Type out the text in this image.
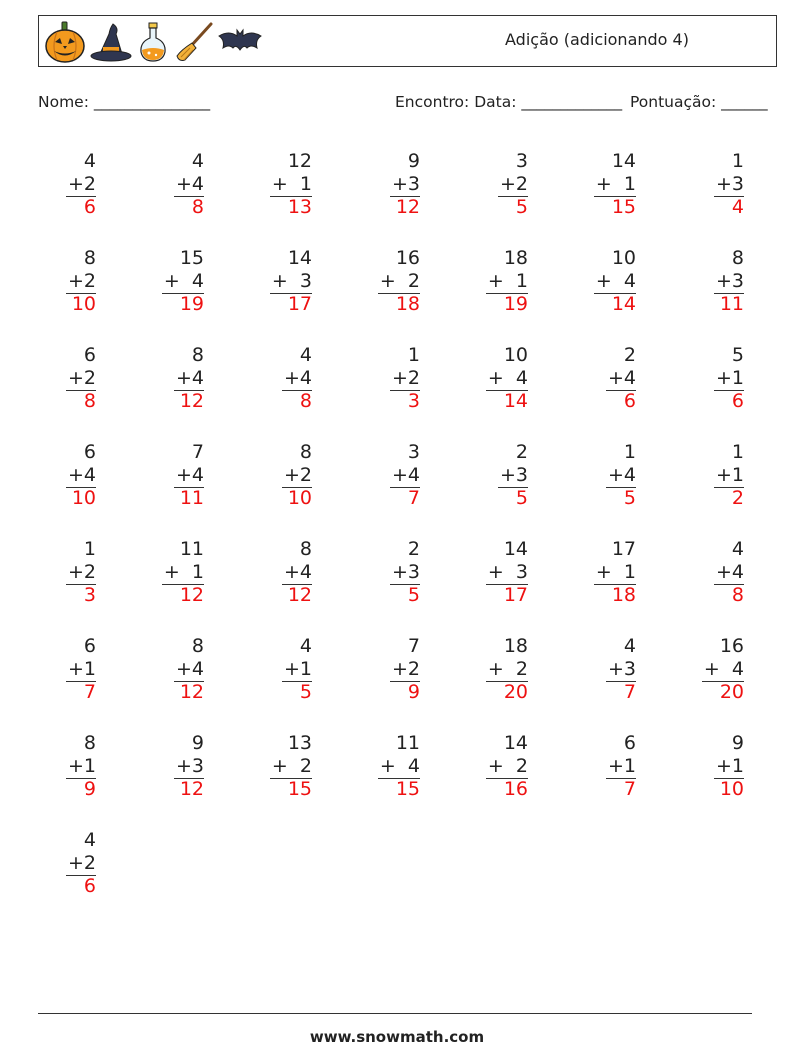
Adição (adicionando 4)
Nome: _______________	Encontro: Data: _____________ Pontuação: ______
4
+2
6
4
+4
8
12
+  1
13
9
+3
12
3
+2
5
14
+  1
15
1
+3
4
8
+2
10
15
+  4
19
14
+  3
17
16
+  2
18
18
+  1
19
10
+  4
14
8
+3
11
6
+2
8
8
+4
12
4
+4
8
1
+2
3
10
+  4
14
2
+4
6
5
+1
6
6
+4
10
7
+4
11
8
+2
10
3
+4
7
2
+3
5
1
+4
5
1
+1
2
1
+2
3
11
+  1
12
8
+4
12
2
+3
5
14
+  3
17
17
+  1
18
4
+4
8
6
+1
7
8
+4
12
4
+1
5
7
+2
9
18
+  2
20
4
+3
7
16
+  4
20
8
+1
9
9
+3
12
13
+  2
15
11
+  4
15
14
+  2
16
6
+1
7
9
+1
10
4
+2
6
www.snowmath.com
